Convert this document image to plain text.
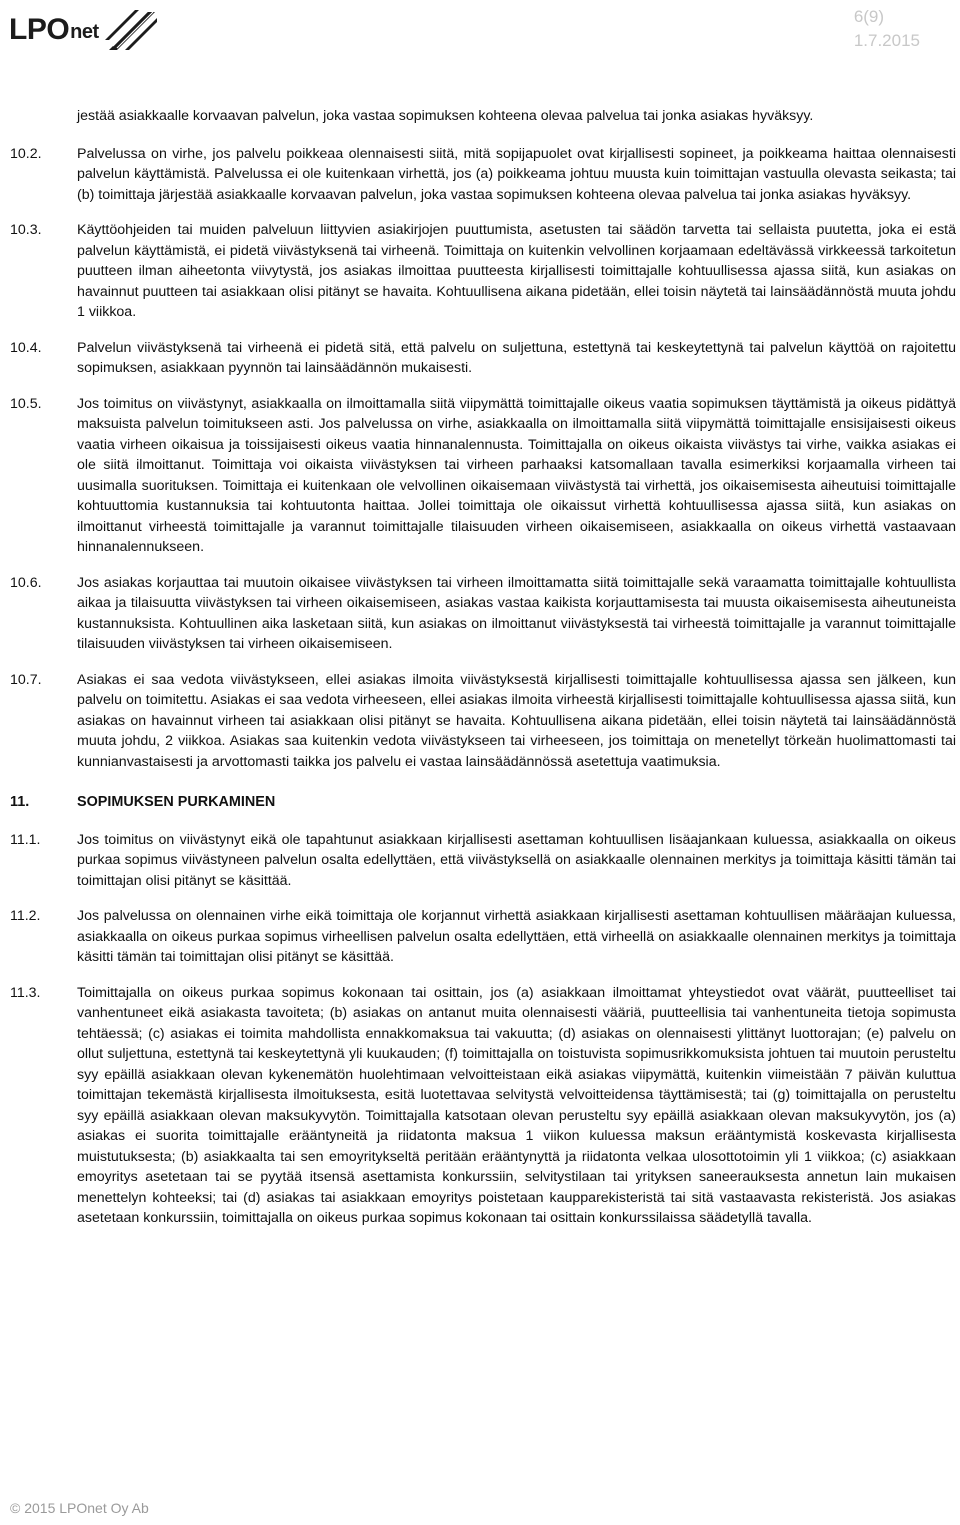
LPO net
6(9)
1.7.2015
jestää asiakkaalle korvaavan palvelun, joka vastaa sopimuksen kohteena olevaa palvelua tai jonka asiakas hyväksyy.
10.2. Palvelussa on virhe, jos palvelu poikkeaa olennaisesti siitä, mitä sopijapuolet ovat kirjallisesti sopineet, ja poikkeama haittaa olennaisesti palvelun käyttämistä. Palvelussa ei ole kuitenkaan virhettä, jos (a) poikkeama johtuu muusta kuin toimittajan vastuulla olevasta seikasta; tai (b) toimittaja järjestää asiakkaalle korvaavan palvelun, joka vastaa sopimuksen kohteena olevaa palvelua tai jonka asiakas hyväksyy.
10.3. Käyttöohjeiden tai muiden palveluun liittyvien asiakirjojen puuttumista, asetusten tai säädön tarvetta tai sellaista puutetta, joka ei estä palvelun käyttämistä, ei pidetä viivästyksenä tai virheenä. Toimittaja on kuitenkin velvollinen korjaamaan edeltävässä virkkeessä tarkoitetun puutteen ilman aiheetonta viivytystä, jos asiakas ilmoittaa puutteesta kirjallisesti toimittajalle kohtuullisessa ajassa siitä, kun asiakas on havainnut puutteen tai asiakkaan olisi pitänyt se havaita. Kohtuullisena aikana pidetään, ellei toisin näytetä tai lainsäädännöstä muuta johdu 1 viikkoa.
10.4. Palvelun viivästyksenä tai virheenä ei pidetä sitä, että palvelu on suljettuna, estettynä tai keskeytettynä tai palvelun käyttöä on rajoitettu sopimuksen, asiakkaan pyynnön tai lainsäädännön mukaisesti.
10.5. Jos toimitus on viivästynyt, asiakkaalla on ilmoittamalla siitä viipymättä toimittajalle oikeus vaatia sopimuksen täyttämistä ja oikeus pidättyä maksuista palvelun toimitukseen asti. Jos palvelussa on virhe, asiakkaalla on ilmoittamalla siitä viipymättä toimittajalle ensisijaisesti oikeus vaatia virheen oikaisua ja toissijaisesti oikeus vaatia hinnanalennusta. Toimittajalla on oikeus oikaista viivästys tai virhe, vaikka asiakas ei ole siitä ilmoittanut. Toimittaja voi oikaista viivästyksen tai virheen parhaaksi katsomallaan tavalla esimerkiksi korjaamalla virheen tai uusimalla suorituksen. Toimittaja ei kuitenkaan ole velvollinen oikaisemaan viivästystä tai virhettä, jos oikaisemisesta aiheutuisi toimittajalle kohtuuttomia kustannuksia tai kohtuutonta haittaa. Jollei toimittaja ole oikaissut virhettä kohtuullisessa ajassa siitä, kun asiakas on ilmoittanut virheestä toimittajalle ja varannut toimittajalle tilaisuuden virheen oikaisemiseen, asiakkaalla on oikeus virhettä vastaavaan hinnanalennukseen.
10.6. Jos asiakas korjauttaa tai muutoin oikaisee viivästyksen tai virheen ilmoittamatta siitä toimittajalle sekä varaamatta toimittajalle kohtuullista aikaa ja tilaisuutta viivästyksen tai virheen oikaisemiseen, asiakas vastaa kaikista korjauttamisesta tai muusta oikaisemisesta aiheutuneista kustannuksista. Kohtuullinen aika lasketaan siitä, kun asiakas on ilmoittanut viivästyksestä tai virheestä toimittajalle ja varannut toimittajalle tilaisuuden viivästyksen tai virheen oikaisemiseen.
10.7. Asiakas ei saa vedota viivästykseen, ellei asiakas ilmoita viivästyksestä kirjallisesti toimittajalle kohtuullisessa ajassa sen jälkeen, kun palvelu on toimitettu. Asiakas ei saa vedota virheeseen, ellei asiakas ilmoita virheestä kirjallisesti toimittajalle kohtuullisessa ajassa siitä, kun asiakas on havainnut virheen tai asiakkaan olisi pitänyt se havaita. Kohtuullisena aikana pidetään, ellei toisin näytetä tai lainsäädännöstä muuta johdu, 2 viikkoa. Asiakas saa kuitenkin vedota viivästykseen tai virheeseen, jos toimittaja on menetellyt törkeän huolimattomasti tai kunnianvastaisesti ja arvottomasti taikka jos palvelu ei vastaa lainsäädännössä asetettuja vaatimuksia.
11.	SOPIMUKSEN PURKAMINEN
11.1.	Jos toimitus on viivästynyt eikä ole tapahtunut asiakkaan kirjallisesti asettaman kohtuullisen lisäajankaan kuluessa, asiakkaalla on oikeus purkaa sopimus viivästyneen palvelun osalta edellyttäen, että viivästyksellä on asiakkaalle olennainen merkitys ja toimittaja käsitti tämän tai toimittajan olisi pitänyt se käsittää.
11.2.	Jos palvelussa on olennainen virhe eikä toimittaja ole korjannut virhettä asiakkaan kirjallisesti asettaman kohtuullisen määräajan kuluessa, asiakkaalla on oikeus purkaa sopimus virheellisen palvelun osalta edellyttäen, että virheellä on asiakkaalle olennainen merkitys ja toimittaja käsitti tämän tai toimittajan olisi pitänyt se käsittää.
11.3.	Toimittajalla on oikeus purkaa sopimus kokonaan tai osittain, jos (a) asiakkaan ilmoittamat yhteystiedot ovat väärät, puutteelliset tai vanhentuneet eikä asiakasta tavoiteta; (b) asiakas on antanut muita olennaisesti vääriä, puutteellisia tai vanhentuneita tietoja sopimusta tehtäessä; (c) asiakas ei toimita mahdollista ennakkomaksua tai vakuutta; (d) asiakas on olennaisesti ylittänyt luottorajan; (e) palvelu on ollut suljettuna, estettynä tai keskeytettynä yli kuukauden; (f) toimittajalla on toistuvista sopimusrikkomuksista johtuen tai muutoin perusteltu syy epäillä asiakkaan olevan kykenemätön huolehtimaan velvoitteistaan eikä asiakas viipymättä, kuitenkin viimeistään 7 päivän kuluttua toimittajan tekemästä kirjallisesta ilmoituksesta, esitä luotettavaa selvitystä velvoitteidensa täyttämisestä; tai (g) toimittajalla on perusteltu syy epäillä asiakkaan olevan maksukyvytön. Toimittajalla katsotaan olevan perusteltu syy epäillä asiakkaan olevan maksukyvytön, jos (a) asiakas ei suorita toimittajalle erääntyneitä ja riidatonta maksua 1 viikon kuluessa maksun erääntymistä koskevasta kirjallisesta muistutuksesta; (b) asiakkaalta tai sen emoyritykseltä peritään erääntynyttä ja riidatonta velkaa ulosottotoimin yli 1 viikkoa; (c) asiakkaan emoyritys asetetaan tai se pyytää itsensä asettamista konkurssiin, selvitystilaan tai yrityksen saneerauksesta annetun lain mukaisen menettelyn kohteeksi; tai (d) asiakas tai asiakkaan emoyritys poistetaan kaupparekisteristä tai sitä vastaavasta rekisteristä. Jos asiakas asetetaan konkurssiin, toimittajalla on oikeus purkaa sopimus kokonaan tai osittain konkurssilaissa säädetyllä tavalla.
© 2015 LPOnet Oy Ab
